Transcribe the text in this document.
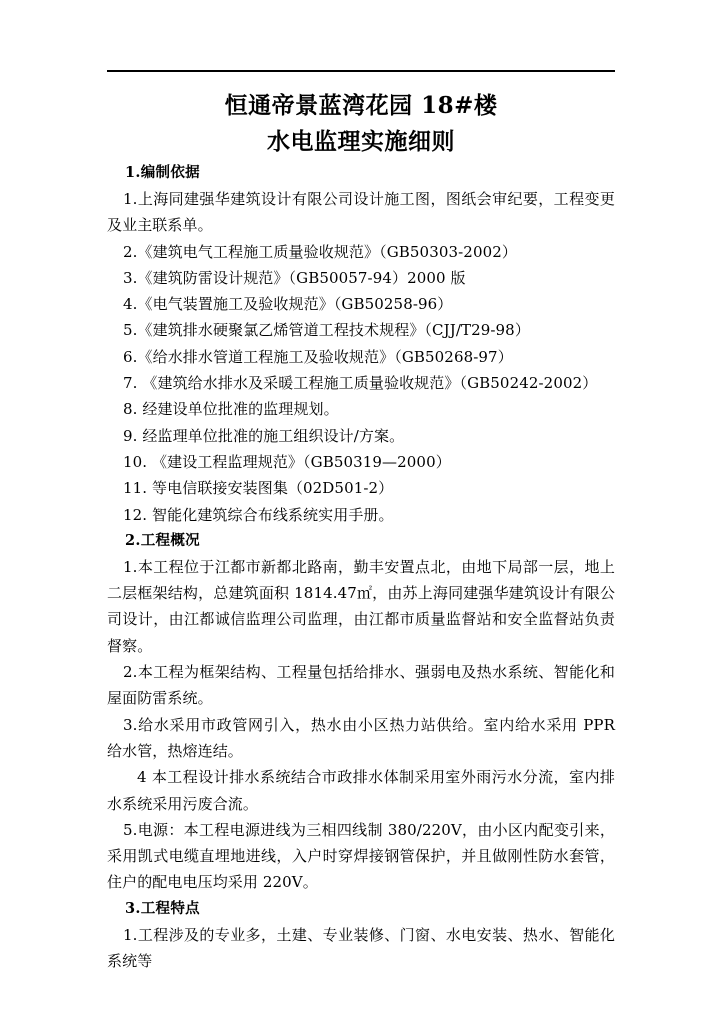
恒通帝景蓝湾花园 18#楼
水电监理实施细则
1.编制依据

1.上海同建强华建筑设计有限公司设计施工图，图纸会审纪要，工程变更及业主联系单。

2.《建筑电气工程施工质量验收规范》（GB50303-2002）

3.《建筑防雷设计规范》（GB50057-94）2000 版

4.《电气装置施工及验收规范》（GB50258-96）

5.《建筑排水硬聚氯乙烯管道工程技术规程》（CJJ/T29-98）

6.《给水排水管道工程施工及验收规范》（GB50268-97）

7. 《建筑给水排水及采暖工程施工质量验收规范》（GB50242-2002）

8. 经建设单位批准的监理规划。

9. 经监理单位批准的施工组织设计/方案。

10. 《建设工程监理规范》（GB50319—2000）

11. 等电信联接安装图集（02D501-2）

12. 智能化建筑综合布线系统实用手册。

2.工程概况

1.本工程位于江都市新都北路南，勤丰安置点北，由地下局部一层，地上二层框架结构，总建筑面积 1814.47㎡，由苏上海同建强华建筑设计有限公司设计，由江都诚信监理公司监理，由江都市质量监督站和安全监督站负责督察。

2.本工程为框架结构、工程量包括给排水、强弱电及热水系统、智能化和屋面防雷系统。

3.给水采用市政管网引入，热水由小区热力站供给。室内给水采用 PPR 给水管，热熔连结。

4 本工程设计排水系统结合市政排水体制采用室外雨污水分流，室内排水系统采用污废合流。

5.电源：本工程电源进线为三相四线制 380/220V，由小区内配变引来，采用凯式电缆直埋地进线，入户时穿焊接钢管保护，并且做刚性防水套管，住户的配电电压均采用 220V。

3.工程特点

1.工程涉及的专业多，土建、专业装修、门窗、水电安装、热水、智能化系统等
